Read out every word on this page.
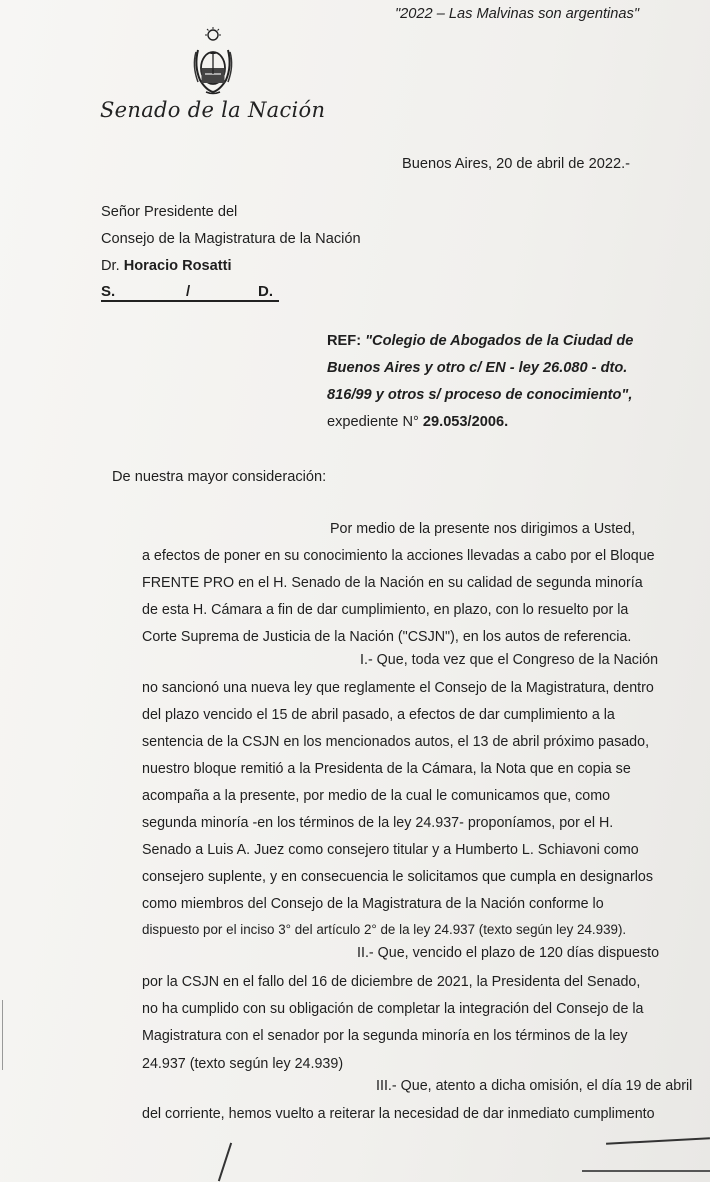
"2022 – Las Malvinas son argentinas"
Senado de la Nación
Buenos Aires, 20 de abril de 2022.-
Señor Presidente del
Consejo de la Magistratura de la Nación
Dr. Horacio Rosatti
S.	/	D.
REF: "Colegio de Abogados de la Ciudad de
Buenos Aires y otro c/ EN - ley 26.080 - dto.
816/99 y otros s/ proceso de conocimiento",
expediente N° 29.053/2006.
De nuestra mayor consideración:
Por medio de la presente nos dirigimos a Usted,
a efectos de poner en su conocimiento la acciones llevadas a cabo por el Bloque
FRENTE PRO en el H. Senado de la Nación en su calidad de segunda minoría
de esta H. Cámara a fin de dar cumplimiento, en plazo, con lo resuelto por la
Corte Suprema de Justicia de la Nación ("CSJN"), en los autos de referencia.
I.- Que, toda vez que el Congreso de la Nación
no sancionó una nueva ley que reglamente el Consejo de la Magistratura, dentro
del plazo vencido el 15 de abril pasado, a efectos de dar cumplimiento a la
sentencia de la CSJN en los mencionados autos, el 13 de abril próximo pasado,
nuestro bloque remitió a la Presidenta de la Cámara, la Nota que en copia se
acompaña a la presente, por medio de la cual le comunicamos que, como
segunda minoría -en los términos de la ley 24.937- proponíamos, por el H.
Senado a Luis A. Juez como consejero titular y a Humberto L. Schiavoni como
consejero suplente, y en consecuencia le solicitamos que cumpla en designarlos
como miembros del Consejo de la Magistratura de la Nación conforme lo
dispuesto por el inciso 3° del artículo 2° de la ley 24.937 (texto según ley 24.939).
II.- Que, vencido el plazo de 120 días dispuesto
por la CSJN en el fallo del 16 de diciembre de 2021, la Presidenta del Senado,
no ha cumplido con su obligación de completar la integración del Consejo de la
Magistratura con el senador por la segunda minoría en los términos de la ley
24.937 (texto según ley 24.939)
III.- Que, atento a dicha omisión, el día 19 de abril
del corriente, hemos vuelto a reiterar la necesidad de dar inmediato cumplimento
